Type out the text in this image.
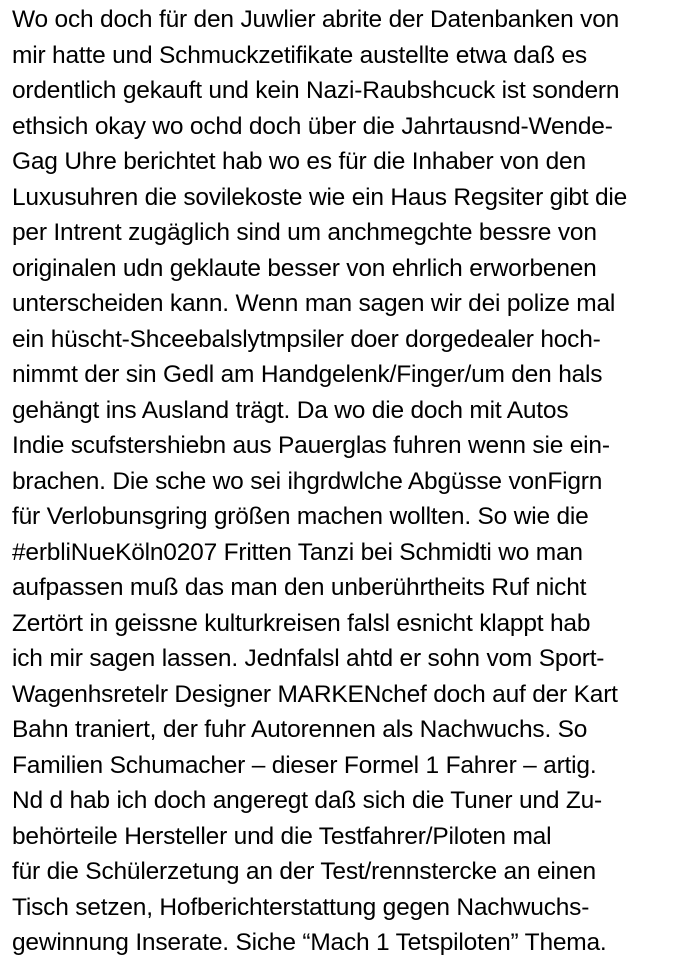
Wo och doch für den Juwlier abrite der Datenbanken von
mir hatte und Schmuckzetifikate austellte etwa daß es
ordentlich gekauft und kein Nazi-Raubshcuck ist sondern
ethsich okay wo ochd doch über die Jahrtausnd-Wende-
Gag Uhre berichtet hab wo es für die Inhaber von den
Luxusuhren die sovilekoste wie ein Haus Regsiter gibt die
per Intrent zugäglich sind um anchmegchte bessre von
originalen udn geklaute besser von ehrlich erworbenen
unterscheiden kann. Wenn man sagen wir dei polize mal
ein hüscht-Shceebalslytmpsiler doer dorgedealer hoch-
nimmt der sin Gedl am Handgelenk/Finger/um den hals
gehängt ins Ausland trägt. Da wo die doch mit Autos
Indie scufstershiebn aus Pauerglas fuhren wenn sie ein-
brachen. Die sche wo sei ihgrdwlche Abgüsse vonFigrn
für Verlobunsgring größen machen wollten. So wie die
#erbliNueKöln0207 Fritten Tanzi bei Schmidti wo man
aufpassen muß das man den unberührtheits Ruf nicht
Zertört in geissne kulturkreisen falsl esnicht klappt hab
ich mir sagen lassen. Jednfalsl ahtd er sohn vom Sport-
Wagenhsretelr Designer MARKENchef doch auf der Kart
Bahn traniert, der fuhr Autorennen als Nachwuchs. So
Familien Schumacher – dieser Formel 1 Fahrer – artig.
Nd d hab ich doch angeregt daß sich die Tuner und Zu-
behörteile Hersteller und die Testfahrer/Piloten mal
für die Schülerzetung an der Test/rennstercke an einen
Tisch setzen, Hofberichterstattung gegen Nachwuchs-
gewinnung Inserate. Siche “Mach 1 Tetspiloten” Thema.
